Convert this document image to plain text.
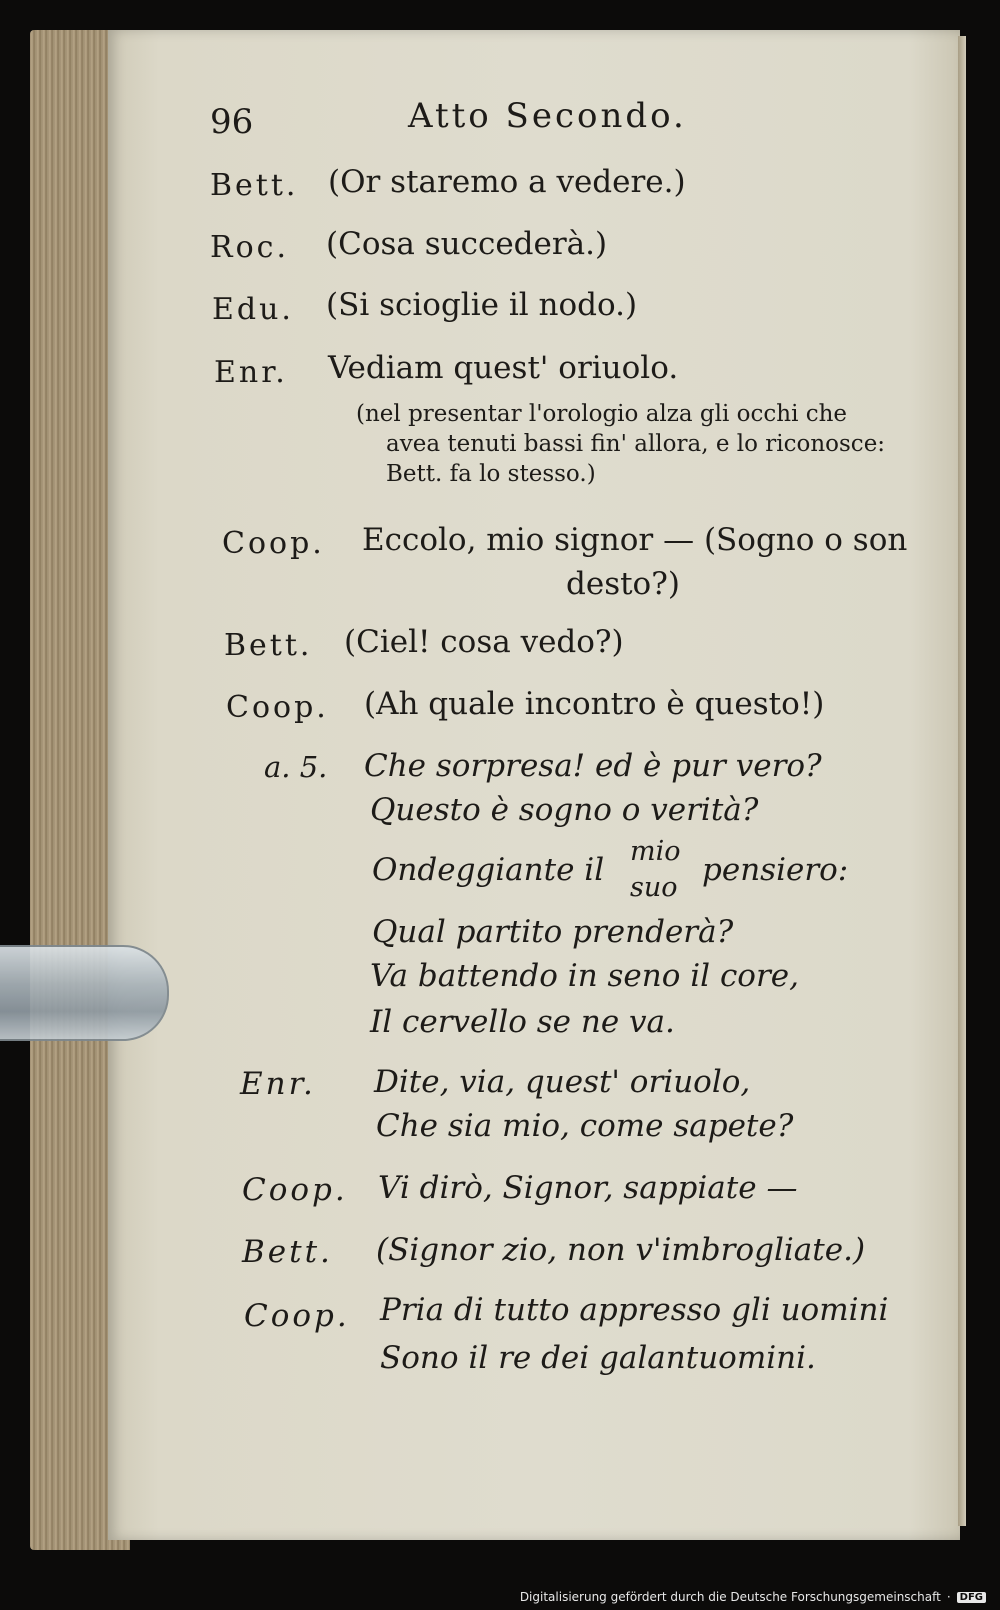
96	Atto Secondo.
Bett. (Or staremo a vedere.)
Roc. (Cosa succederà.)
Edu. (Si scioglie il nodo.)
Enr. Vediam quest' oriuolo.
(nel presentar l'orologio alza gli occhi che
avea tenuti bassi fin' allora, e lo riconosce:
Bett. fa lo stesso.)
Coop. Eccolo, mio signor — (Sogno o son
desto?)
Bett. (Ciel! cosa vedo?)
Coop. (Ah quale incontro è questo!)
a. 5. Che sorpresa! ed è pur vero?
Questo è sogno o verità?
Ondeggiante il
mio
suo pensiero:
Qual partito prenderà?
Va battendo in seno il core,
Il cervello se ne va.
Enr. Dite, via, quest' oriuolo,
Che sia mio, come sapete?
Coop. Vi dirò, Signor, sappiate —
Bett. (Signor zio, non v'imbrogliate.)
Coop. Pria di tutto appresso gli uomini
Sono il re dei galantuomini.
Digitalisierung gefördert durch die Deutsche Forschungsgemeinschaft · DFG
